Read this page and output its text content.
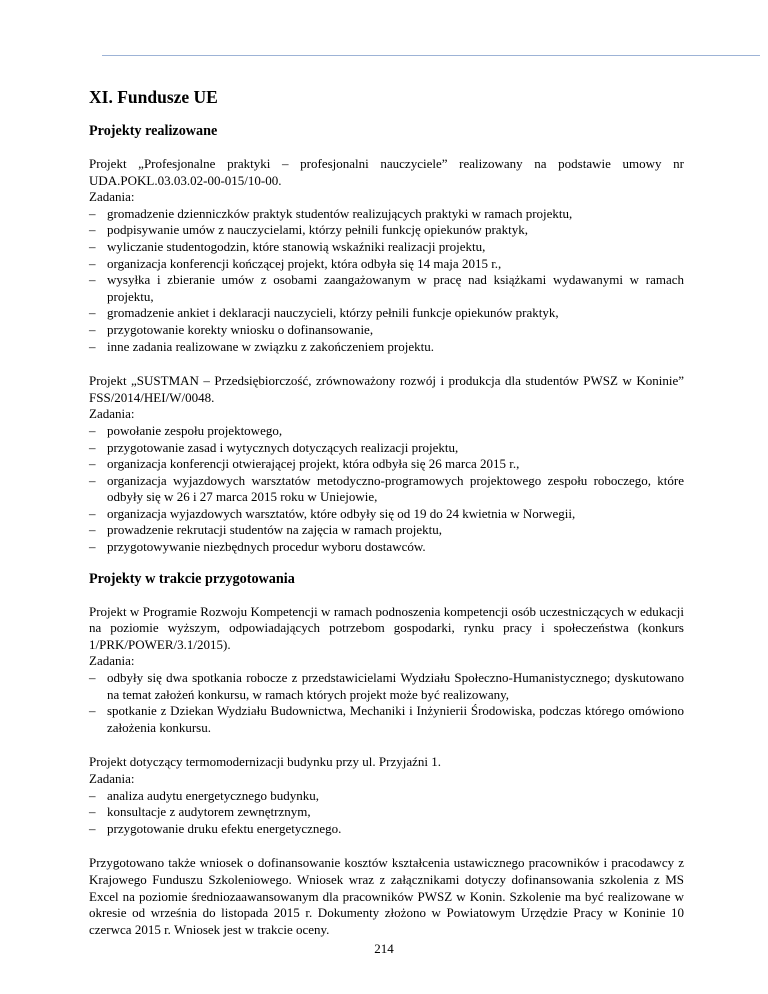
XI. Fundusze UE
Projekty realizowane

Projekt „Profesjonalne praktyki – profesjonalni nauczyciele” realizowany na podstawie umowy nr UDA.POKL.03.03.02-00-015/10-00.

Zadania:

– gromadzenie dzienniczków praktyk studentów realizujących praktyki w ramach projektu,
– podpisywanie umów z nauczycielami, którzy pełnili funkcję opiekunów praktyk,
– wyliczanie studentogodzin, które stanowią wskaźniki realizacji projektu,
– organizacja konferencji kończącej projekt, która odbyła się 14 maja 2015 r.,
– wysyłka i zbieranie umów z osobami zaangażowanym w pracę nad książkami wydawanymi w ramach projektu,
– gromadzenie ankiet i deklaracji nauczycieli, którzy pełnili funkcje opiekunów praktyk,
– przygotowanie korekty wniosku o dofinansowanie,
– inne zadania realizowane w związku z zakończeniem projektu.

Projekt „SUSTMAN – Przedsiębiorczość, zrównoważony rozwój i produkcja dla studentów PWSZ w Koninie” FSS/2014/HEI/W/0048.

Zadania:

– powołanie zespołu projektowego,
– przygotowanie zasad i wytycznych dotyczących realizacji projektu,
– organizacja konferencji otwierającej projekt, która odbyła się 26 marca 2015 r.,
– organizacja wyjazdowych warsztatów metodyczno-programowych projektowego zespołu roboczego, które odbyły się w 26 i 27 marca 2015 roku w Uniejowie,
– organizacja wyjazdowych warsztatów, które odbyły się od 19 do 24 kwietnia w Norwegii,
– prowadzenie rekrutacji studentów na zajęcia w ramach projektu,
– przygotowywanie niezbędnych procedur wyboru dostawców.
Projekty w trakcie przygotowania

Projekt w Programie Rozwoju Kompetencji w ramach podnoszenia kompetencji osób uczestniczących w edukacji na poziomie wyższym, odpowiadających potrzebom gospodarki, rynku pracy i społeczeństwa (konkurs 1/PRK/POWER/3.1/2015).

Zadania:

– odbyły się dwa spotkania robocze z przedstawicielami Wydziału Społeczno-Humanistycznego; dyskutowano na temat założeń konkursu, w ramach których projekt może być realizowany,
– spotkanie z Dziekan Wydziału Budownictwa, Mechaniki i Inżynierii Środowiska, podczas którego omówiono założenia konkursu.

Projekt dotyczący termomodernizacji budynku przy ul. Przyjaźni 1.

Zadania:

– analiza audytu energetycznego budynku,
– konsultacje z audytorem zewnętrznym,
– przygotowanie druku efektu energetycznego.

Przygotowano także wniosek o dofinansowanie kosztów kształcenia ustawicznego pracowników i pracodawcy z Krajowego Funduszu Szkoleniowego. Wniosek wraz z załącznikami dotyczy dofinansowania szkolenia z MS Excel na poziomie średniozaawansowanym dla pracowników PWSZ w Konin. Szkolenie ma być realizowane w okresie od września do listopada 2015 r. Dokumenty złożono w Powiatowym Urzędzie Pracy w Koninie 10 czerwca 2015 r. Wniosek jest w trakcie oceny.

214
